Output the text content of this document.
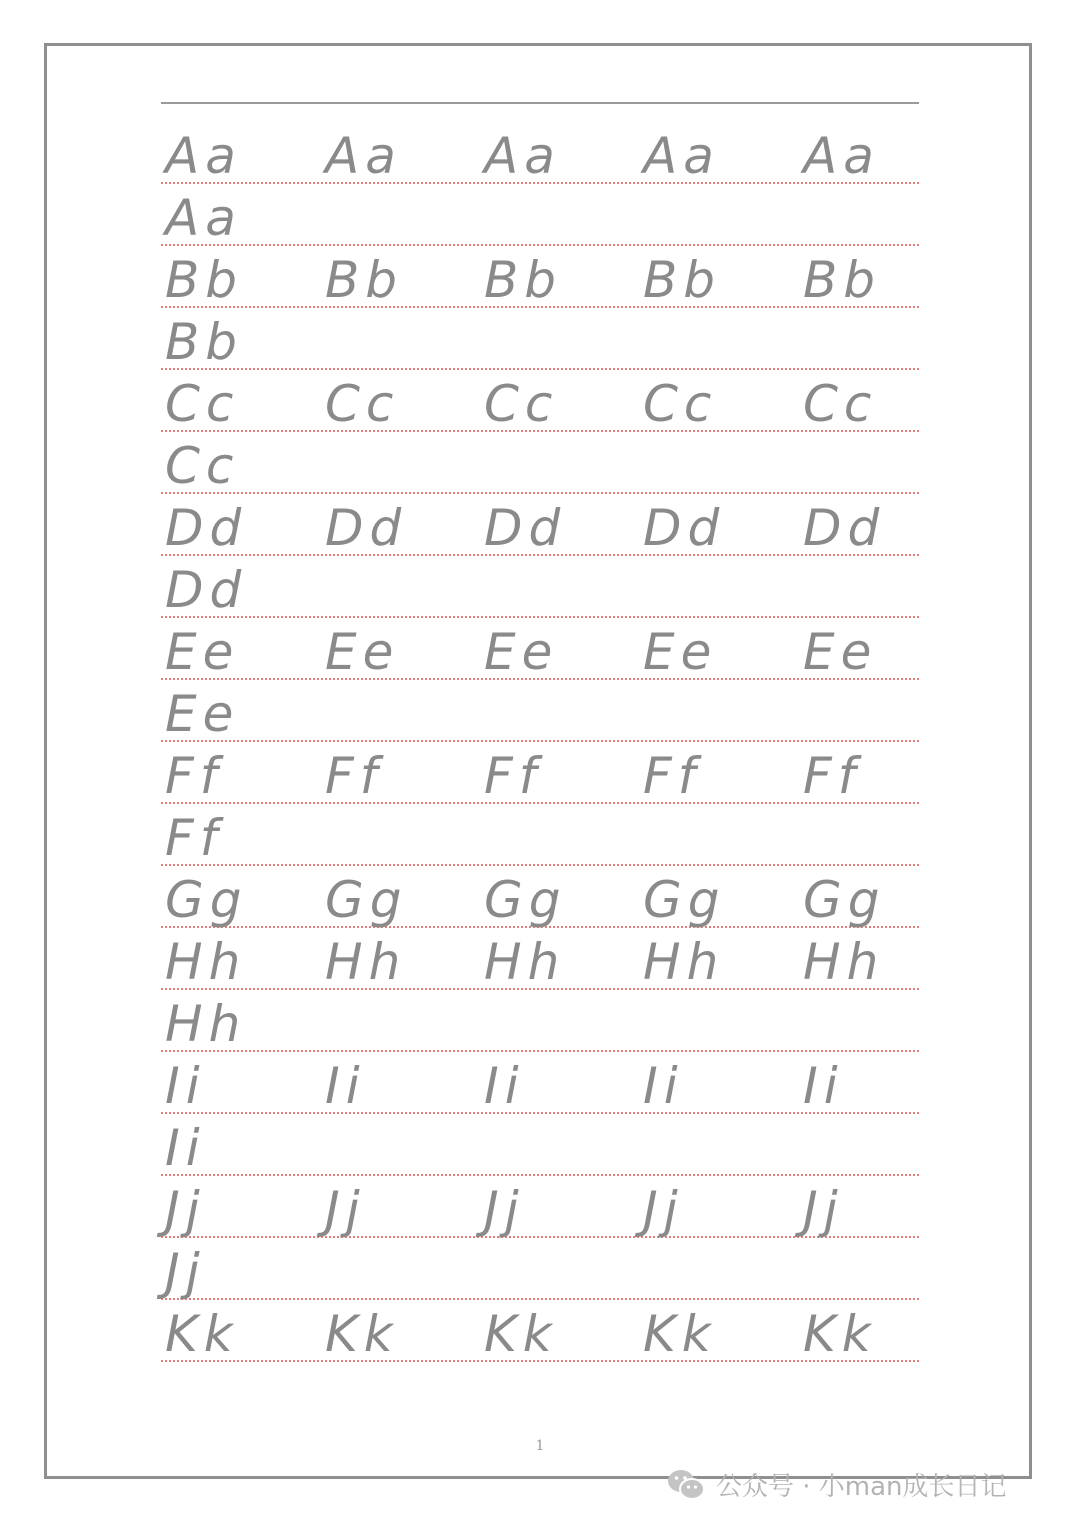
Aa Aa Aa Aa Aa
Aa
Bb Bb Bb Bb Bb
Bb
Cc Cc Cc Cc Cc
Cc
Dd Dd Dd Dd Dd
Dd
Ee Ee Ee Ee Ee
Ee
Ff Ff Ff Ff Ff
Ff
Gg Gg Gg Gg Gg
Hh Hh Hh Hh Hh
Hh
Ii Ii Ii Ii Ii
Ii
Jj Jj Jj Jj Jj
Jj
Kk Kk Kk Kk Kk
1
公众号 · 小man成长日记
